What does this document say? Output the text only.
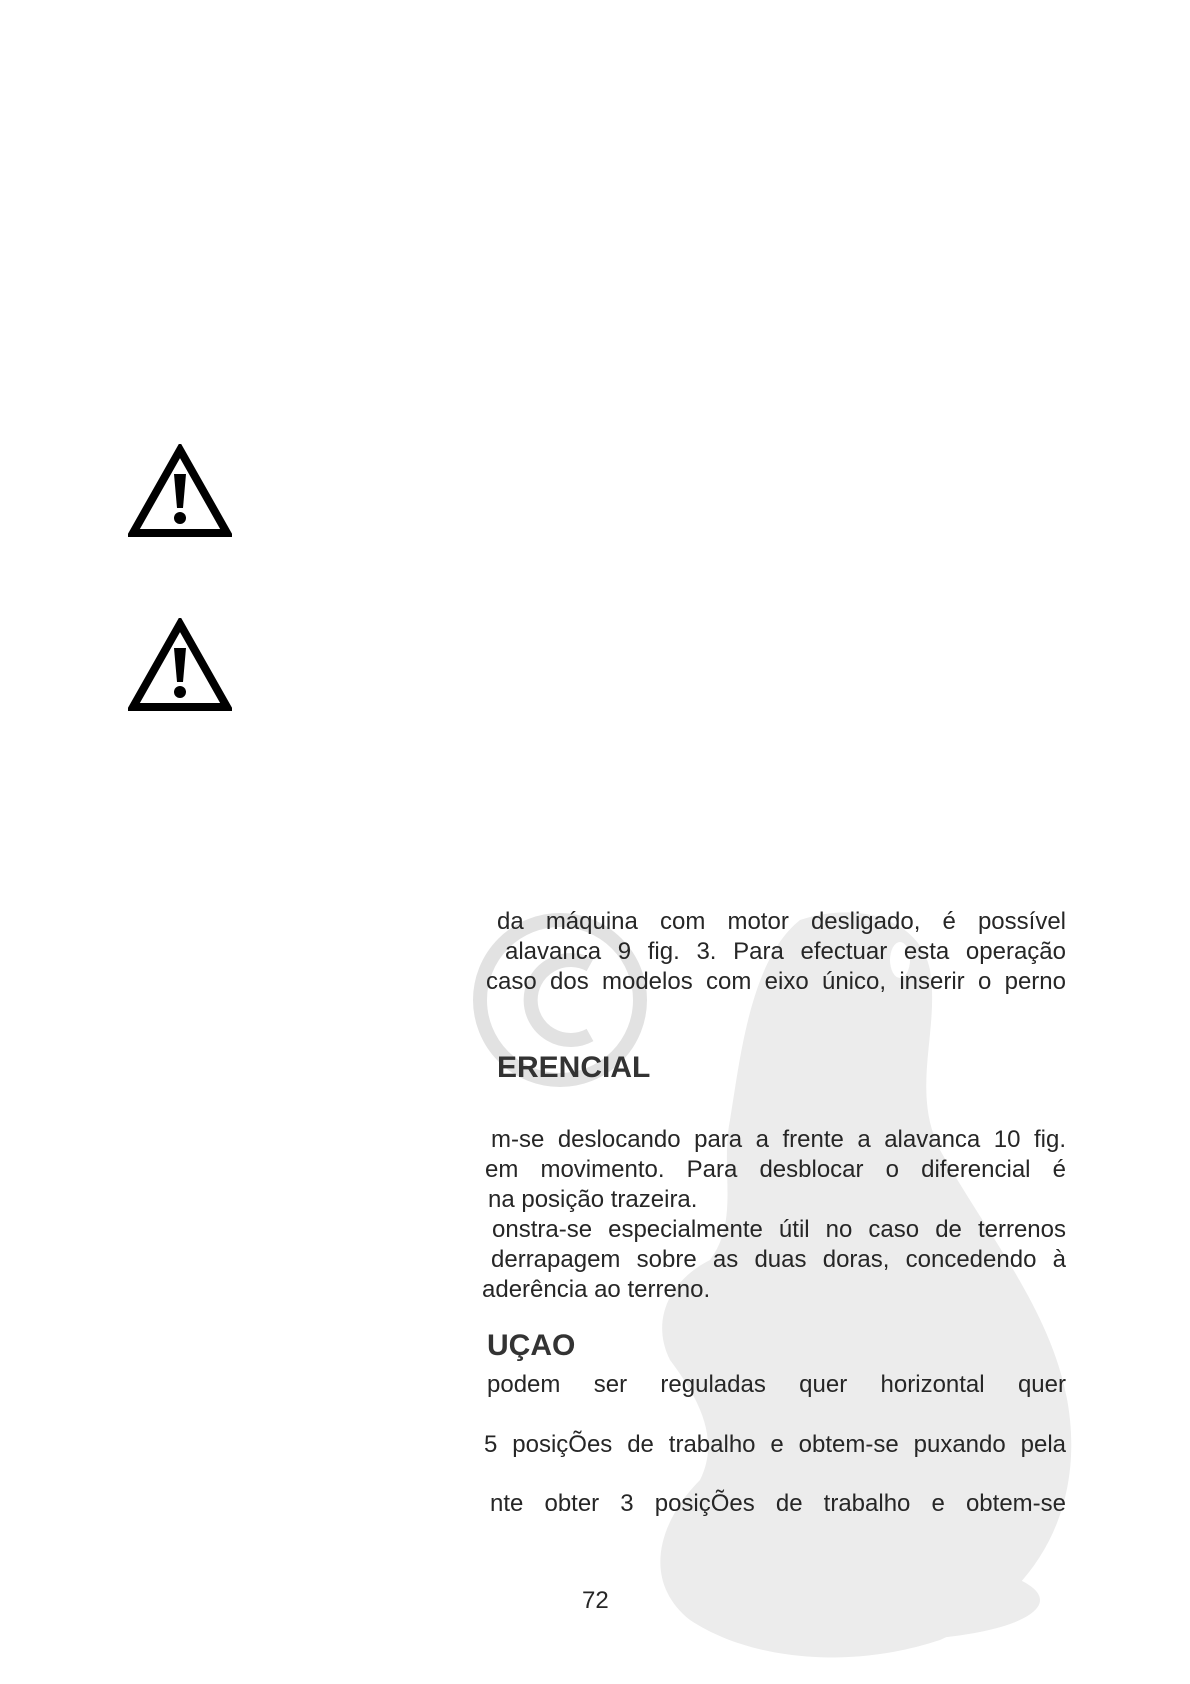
da máquina com motor desligado, é possível
alavanca 9 fig. 3. Para efectuar esta operação
caso dos modelos com eixo único, inserir o perno
ERENCIAL
m-se deslocando para a frente a alavanca 10 fig.
em movimento. Para desblocar o diferencial é
na posição trazeira.
onstra-se especialmente útil no caso de terrenos
derrapagem sobre as duas doras, concedendo à
aderência ao terreno.
UÇAO
podem ser reguladas quer horizontal quer
5 posiçÕes de trabalho e obtem-se puxando pela
nte obter 3 posiçÕes de trabalho e obtem-se
72
